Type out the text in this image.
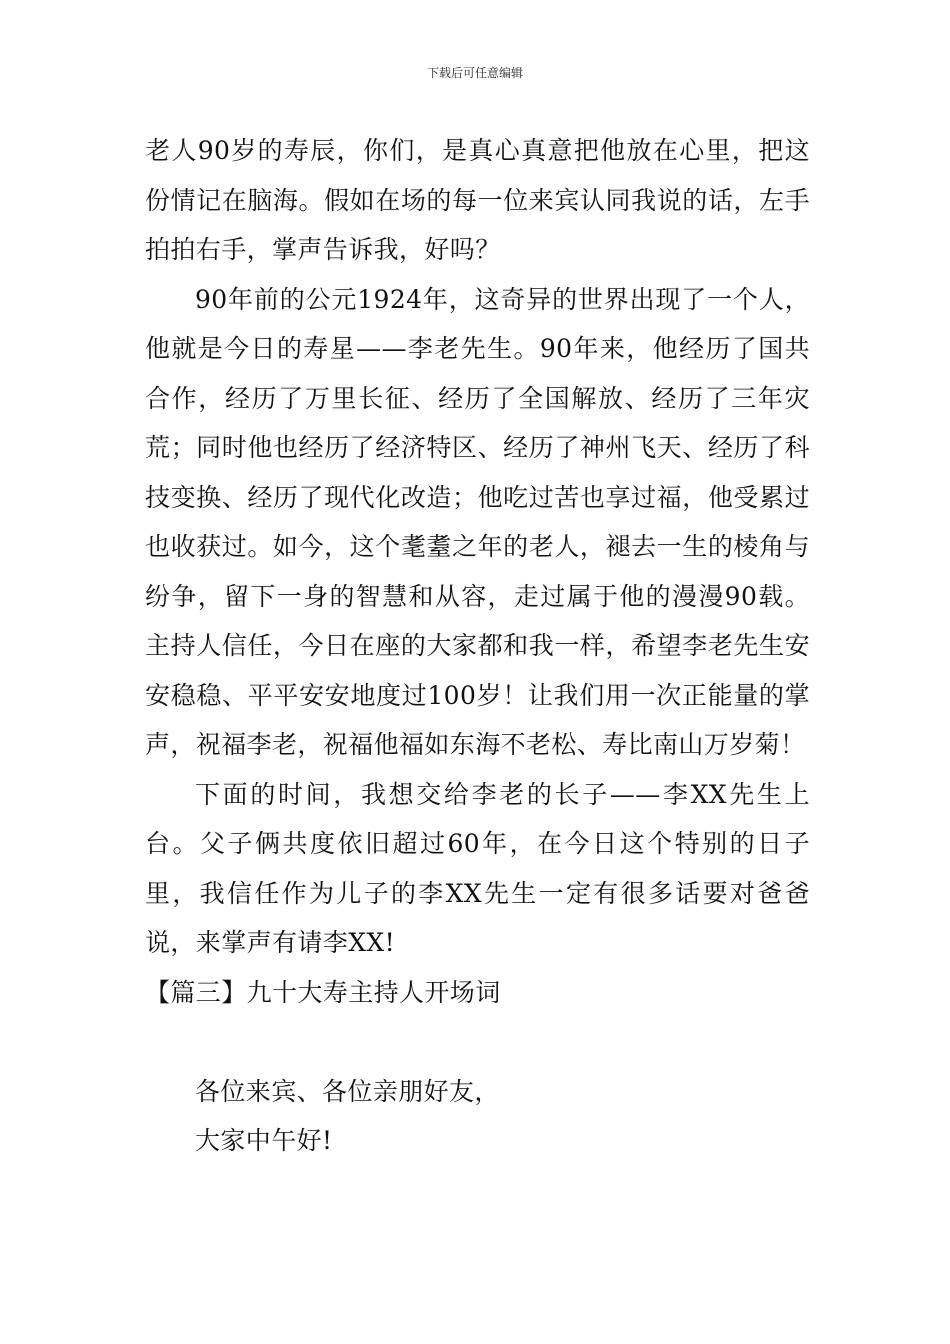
下载后可任意编辑

老人90岁的寿辰，你们，是真心真意把他放在心里，把这份情记在脑海。假如在场的每一位来宾认同我说的话，左手拍拍右手，掌声告诉我，好吗？

90年前的公元1924年，这奇异的世界出现了一个人，他就是今日的寿星——李老先生。90年来，他经历了国共合作，经历了万里长征、经历了全国解放、经历了三年灾荒；同时他也经历了经济特区、经历了神州飞天、经历了科技变换、经历了现代化改造；他吃过苦也享过福，他受累过也收获过。如今，这个耄耋之年的老人，褪去一生的棱角与纷争，留下一身的智慧和从容，走过属于他的漫漫90载。主持人信任，今日在座的大家都和我一样，希望李老先生安安稳稳、平平安安地度过100岁！让我们用一次正能量的掌声，祝福李老，祝福他福如东海不老松、寿比南山万岁菊！

下面的时间，我想交给李老的长子——李XX先生上台。父子俩共度依旧超过60年，在今日这个特别的日子里，我信任作为儿子的李XX先生一定有很多话要对爸爸说，来掌声有请李XX!

【篇三】九十大寿主持人开场词

各位来宾、各位亲朋好友，

大家中午好!
